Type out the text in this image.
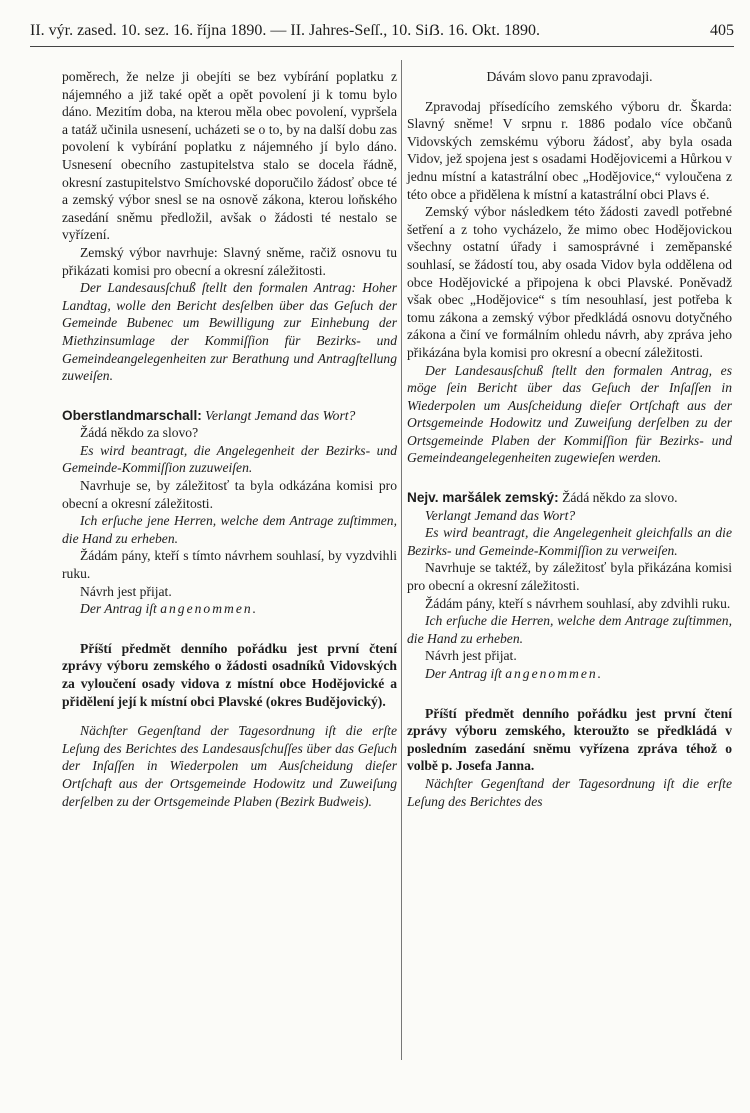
II. výr. zased. 10. sez. 16. října 1890. — II. Jahres-Seſſ., 10. Siẞ. 16. Okt. 1890.	405

poměrech, že nelze ji obejíti se bez vybírání poplatku z nájemného a již také opět a opět povolení ji k tomu bylo dáno. Mezitím doba, na kterou měla obec povolení, vypršela a tatáž učinila usnesení, ucházeti se o to, by na další dobu zas povolení k vybírání poplatku z nájemného jí bylo dáno. Usnesení obecního zastupitelstva stalo se docela řádně, okresní zastupitelstvo Smíchovské doporučilo žádosť obce té a zemský výbor snesl se na osnově zákona, kterou loňského zasedání sněmu předložil, avšak o žádosti té nestalo se vyřízení.

Zemský výbor navrhuje: Slavný sněme, račiž osnovu tu přikázati komisi pro obecní a okresní záležitosti.

Der Landesausſchuß ſtellt den formalen Antrag: Hoher Landtag, wolle den Bericht desſelben über das Geſuch der Gemeinde Bubenec um Bewilligung zur Einhebung der Miethzinsumlage der Kommiſſion für Bezirks- und Gemeindeangelegenheiten zur Berathung und Antragſtellung zuweiſen.

Oberstlandmarschall: Verlangt Jemand das Wort?

Žádá někdo za slovo?

Es wird beantragt, die Angelegenheit der Bezirks- und Gemeinde-Kommiſſion zuzuweiſen.

Navrhuje se, by záležitosť ta byla odkázána komisi pro obecní a okresní záležitosti.

Ich erſuche jene Herren, welche dem Antrage zuſtimmen, die Hand zu erheben.

Žádám pány, kteří s tímto návrhem souhlasí, by vyzdvihli ruku.

Návrh jest přijat.

Der Antrag iſt angenommen.

Příští předmět denního pořádku jest první čtení zprávy výboru zemského o žádosti osadníků Vidovských za vyloučení osady vidova z místní obce Hodějovické a přidělení její k místní obci Plavské (okres Budějovický).

Nächſter Gegenſtand der Tagesordnung iſt die erſte Leſung des Berichtes des Landesausſchuſſes über das Geſuch der Inſaſſen in Wiederpolen um Ausſcheidung dieſer Ortſchaft aus der Ortsgemeinde Hodowitz und Zuweiſung derſelben zu der Ortsgemeinde Plaben (Bezirk Budweis).

Dávám slovo panu zpravodaji.

Zpravodaj přísedícího zemského výboru dr. Škarda: Slavný sněme! V srpnu r. 1886 podalo více občanů Vidovských zemskému výboru žádosť, aby byla osada Vidov, jež spojena jest s osadami Hodějovicemi a Hůrkou v jednu místní a katastrální obec „Hodějovice,“ vyloučena z této obce a přidělena k místní a katastrální obci Plavs é.

Zemský výbor následkem této žádosti zavedl potřebné šetření a z toho vycházelo, že mimo obec Hodějovickou všechny ostatní úřady i samosprávné i zeměpanské souhlasí, se žádostí tou, aby osada Vidov byla oddělena od obce Hodějovické a připojena k obci Plavské. Poněvadž však obec „Hodějovice“ s tím nesouhlasí, jest potřeba k tomu zákona a zemský výbor předkládá osnovu dotyčného zákona a činí ve formálním ohledu návrh, aby zpráva jeho přikázána byla komisi pro okresní a obecní záležitosti.

Der Landesausſchuß ſtellt den formalen Antrag, es möge ſein Bericht über das Geſuch der Inſaſſen in Wiederpolen um Ausſcheidung dieſer Ortſchaft aus der Ortsgemeinde Hodowitz und Zuweiſung derſelben zu der Ortsgemeinde Plaben der Kommiſſion für Bezirks- und Gemeindeangelegenheiten zugewieſen werden.

Nejv. maršálek zemský: Žádá někdo za slovo.

Verlangt Jemand das Wort?

Es wird beantragt, die Angelegenheit gleichfalls an die Bezirks- und Gemeinde-Kommiſſion zu verweiſen.

Navrhuje se taktéž, by záležitosť byla přikázána komisi pro obecní a okresní záležitosti.

Žádám pány, kteří s návrhem souhlasí, aby zdvihli ruku.

Ich erſuche die Herren, welche dem Antrage zuſtimmen, die Hand zu erheben.

Návrh jest přijat.

Der Antrag iſt angenommen.

Příští předmět denního pořádku jest první čtení zprávy výboru zemského, kteroužto se předkládá v posledním zasedání sněmu vyřízena zpráva téhož o volbě p. Josefa Janna.

Nächſter Gegenſtand der Tagesordnung iſt die erſte Leſung des Berichtes des
